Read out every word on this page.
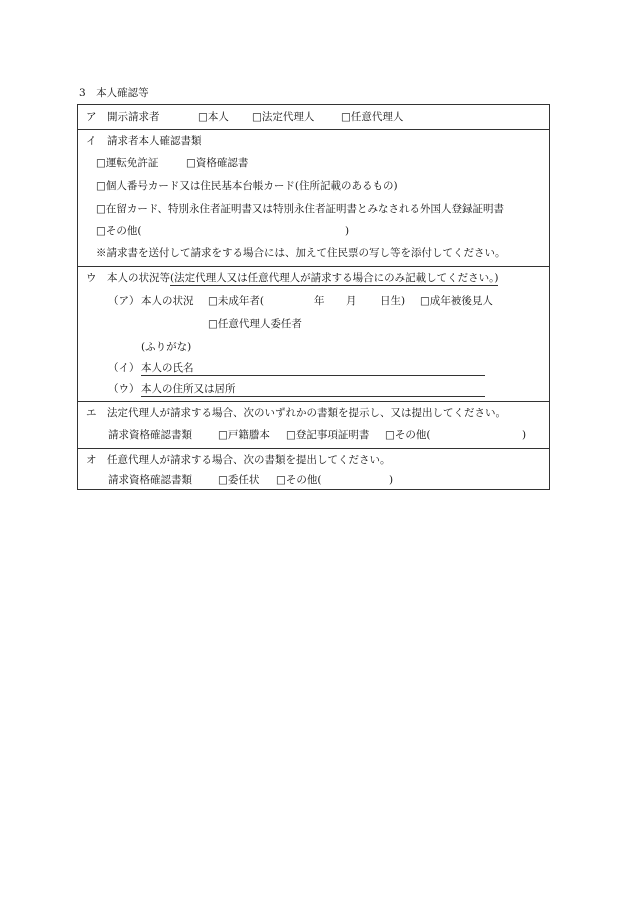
3　本人確認等
ア　開示請求者	□本人 □法定代理人	□任意代理人
イ　請求者本人確認書類
□運転免許証	□資格確認書
□個人番号カード又は住民基本台帳カード(住所記載のあるもの)
□在留カード、特別永住者証明書又は特別永住者証明書とみなされる外国人登録証明書
□その他(	)
※請求書を送付して請求をする場合には、加えて住民票の写し等を添付してください。
ウ　本人の状況等(法定代理人又は任意代理人が請求する場合にのみ記載してください。)
（ア） 本人の状況 □未成年者(	年 月 日生) □成年被後見人
□任意代理人委任者
(ふりがな)
（イ） 本人の氏名
（ウ） 本人の住所又は居所
エ　法定代理人が請求する場合、次のいずれかの書類を提示し、又は提出してください。
請求資格確認書類 □戸籍謄本 □登記事項証明書 □その他(	)
オ　任意代理人が請求する場合、次の書類を提出してください。
請求資格確認書類 □委任状 □その他(	)
